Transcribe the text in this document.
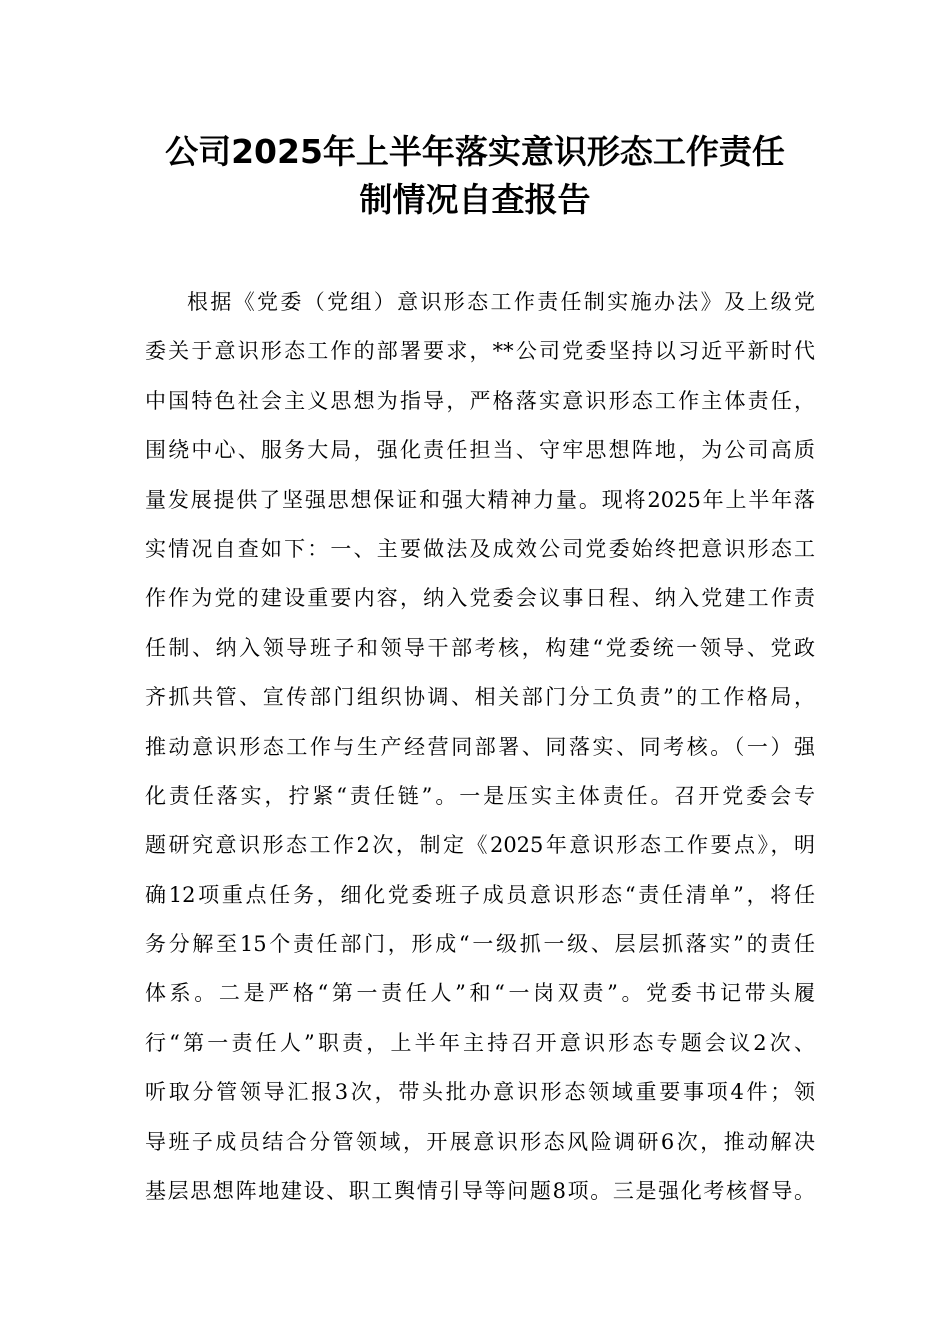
公司2025年上半年落实意识形态工作责任
制情况自查报告
根据《党委（党组）意识形态工作责任制实施办法》及上级党
委关于意识形态工作的部署要求，**公司党委坚持以习近平新时代
中国特色社会主义思想为指导，严格落实意识形态工作主体责任，
围绕中心、服务大局，强化责任担当、守牢思想阵地，为公司高质
量发展提供了坚强思想保证和强大精神力量。现将2025年上半年落
实情况自查如下：一、主要做法及成效公司党委始终把意识形态工
作作为党的建设重要内容，纳入党委会议事日程、纳入党建工作责
任制、纳入领导班子和领导干部考核，构建“党委统一领导、党政
齐抓共管、宣传部门组织协调、相关部门分工负责”的工作格局，
推动意识形态工作与生产经营同部署、同落实、同考核。（一）强
化责任落实，拧紧“责任链”。一是压实主体责任。召开党委会专
题研究意识形态工作2次，制定《2025年意识形态工作要点》，明
确12项重点任务，细化党委班子成员意识形态“责任清单”，将任
务分解至15个责任部门，形成“一级抓一级、层层抓落实”的责任
体系。二是严格“第一责任人”和“一岗双责”。党委书记带头履
行“第一责任人”职责，上半年主持召开意识形态专题会议2次、
听取分管领导汇报3次，带头批办意识形态领域重要事项4件；领
导班子成员结合分管领域，开展意识形态风险调研6次，推动解决
基层思想阵地建设、职工舆情引导等问题8项。三是强化考核督导。
